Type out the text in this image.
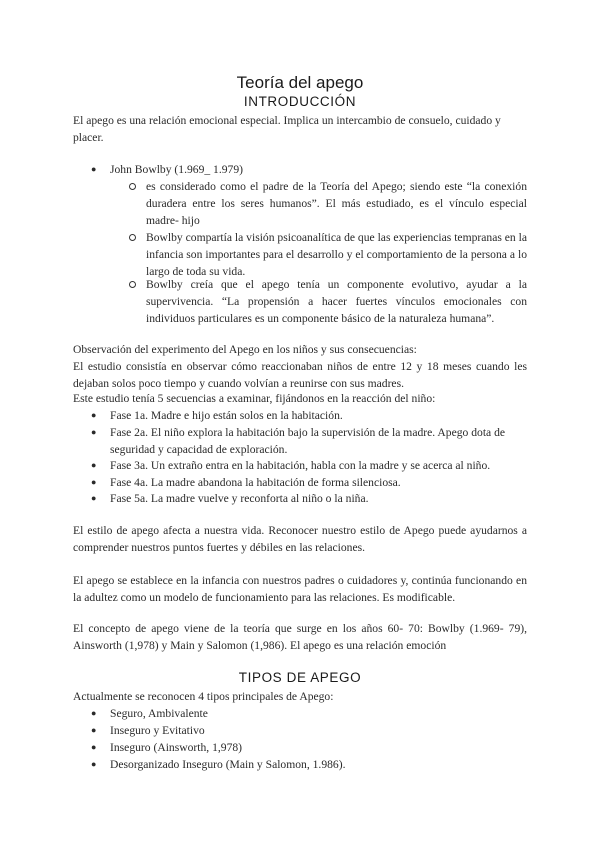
Teoría del apego
INTRODUCCIÓN

El apego es una relación emocional especial. Implica un intercambio de consuelo, cuidado y placer.

● John Bowlby (1.969_ 1.979)
es considerado como el padre de la Teoría del Apego; siendo este “la conexión duradera entre los seres humanos”. El más estudiado, es el vínculo especial madre- hijo
Bowlby compartía la visión psicoanalítica de que las experiencias tempranas en la infancia son importantes para el desarrollo y el comportamiento de la persona a lo largo de toda su vida.
Bowlby creía que el apego tenía un componente evolutivo, ayudar a la supervivencia. “La propensión a hacer fuertes vínculos emocionales con individuos particulares es un componente básico de la naturaleza humana”.

Observación del experimento del Apego en los niños y sus consecuencias:

El estudio consistía en observar cómo reaccionaban niños de entre 12 y 18 meses cuando les dejaban solos poco tiempo y cuando volvían a reunirse con sus madres.

Este estudio tenía 5 secuencias a examinar, fijándonos en la reacción del niño:

● Fase 1a. Madre e hijo están solos en la habitación.
● Fase 2a. El niño explora la habitación bajo la supervisión de la madre. Apego dota de seguridad y capacidad de exploración.
● Fase 3a. Un extraño entra en la habitación, habla con la madre y se acerca al niño.
● Fase 4a. La madre abandona la habitación de forma silenciosa.
● Fase 5a. La madre vuelve y reconforta al niño o la niña.

El estilo de apego afecta a nuestra vida. Reconocer nuestro estilo de Apego puede ayudarnos a comprender nuestros puntos fuertes y débiles en las relaciones.

El apego se establece en la infancia con nuestros padres o cuidadores y, continúa funcionando en la adultez como un modelo de funcionamiento para las relaciones. Es modificable.

El concepto de apego viene de la teoría que surge en los años 60- 70: Bowlby (1.969- 79), Ainsworth (1,978) y Main y Salomon (1,986). El apego es una relación emoción

TIPOS DE APEGO

Actualmente se reconocen 4 tipos principales de Apego:

● Seguro, Ambivalente
● Inseguro y Evitativo
● Inseguro (Ainsworth, 1,978)
● Desorganizado Inseguro (Main y Salomon, 1.986).
